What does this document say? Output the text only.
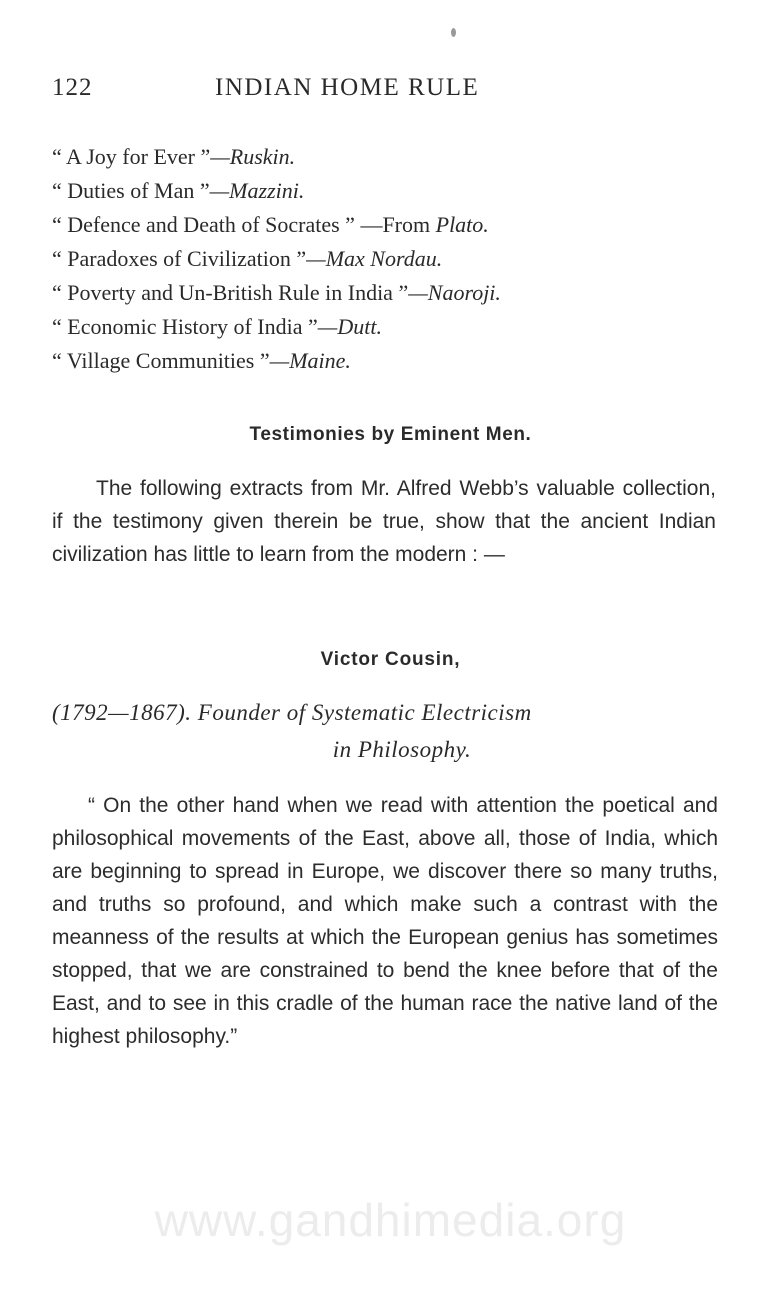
122	INDIAN HOME RULE
“ A Joy for Ever ”—Ruskin.
“ Duties of Man ”—Mazzini.
“ Defence and Death of Socrates ” —From Plato.
“ Paradoxes of Civilization ”—Max Nordau.
“ Poverty and Un-British Rule in India ”—Naoroji.
“ Economic History of India ”—Dutt.
“ Village Communities ”—Maine.
Testimonies by Eminent Men.
The following extracts from Mr. Alfred Webb’s valuable collection, if the testimony given therein be true, show that the ancient Indian civilization has little to learn from the modern : —
Victor Cousin,
(1792—1867). Founder of Systematic Electricism
in Philosophy.
“ On the other hand when we read with attention the poetical and philosophical movements of the East, above all, those of India, which are beginning to spread in Europe, we discover there so many truths, and truths so profound, and which make such a contrast with the meanness of the results at which the European genius has sometimes stopped, that we are constrained to bend the knee before that of the East, and to see in this cradle of the human race the native land of the highest philosophy.”
www.gandhimedia.org
